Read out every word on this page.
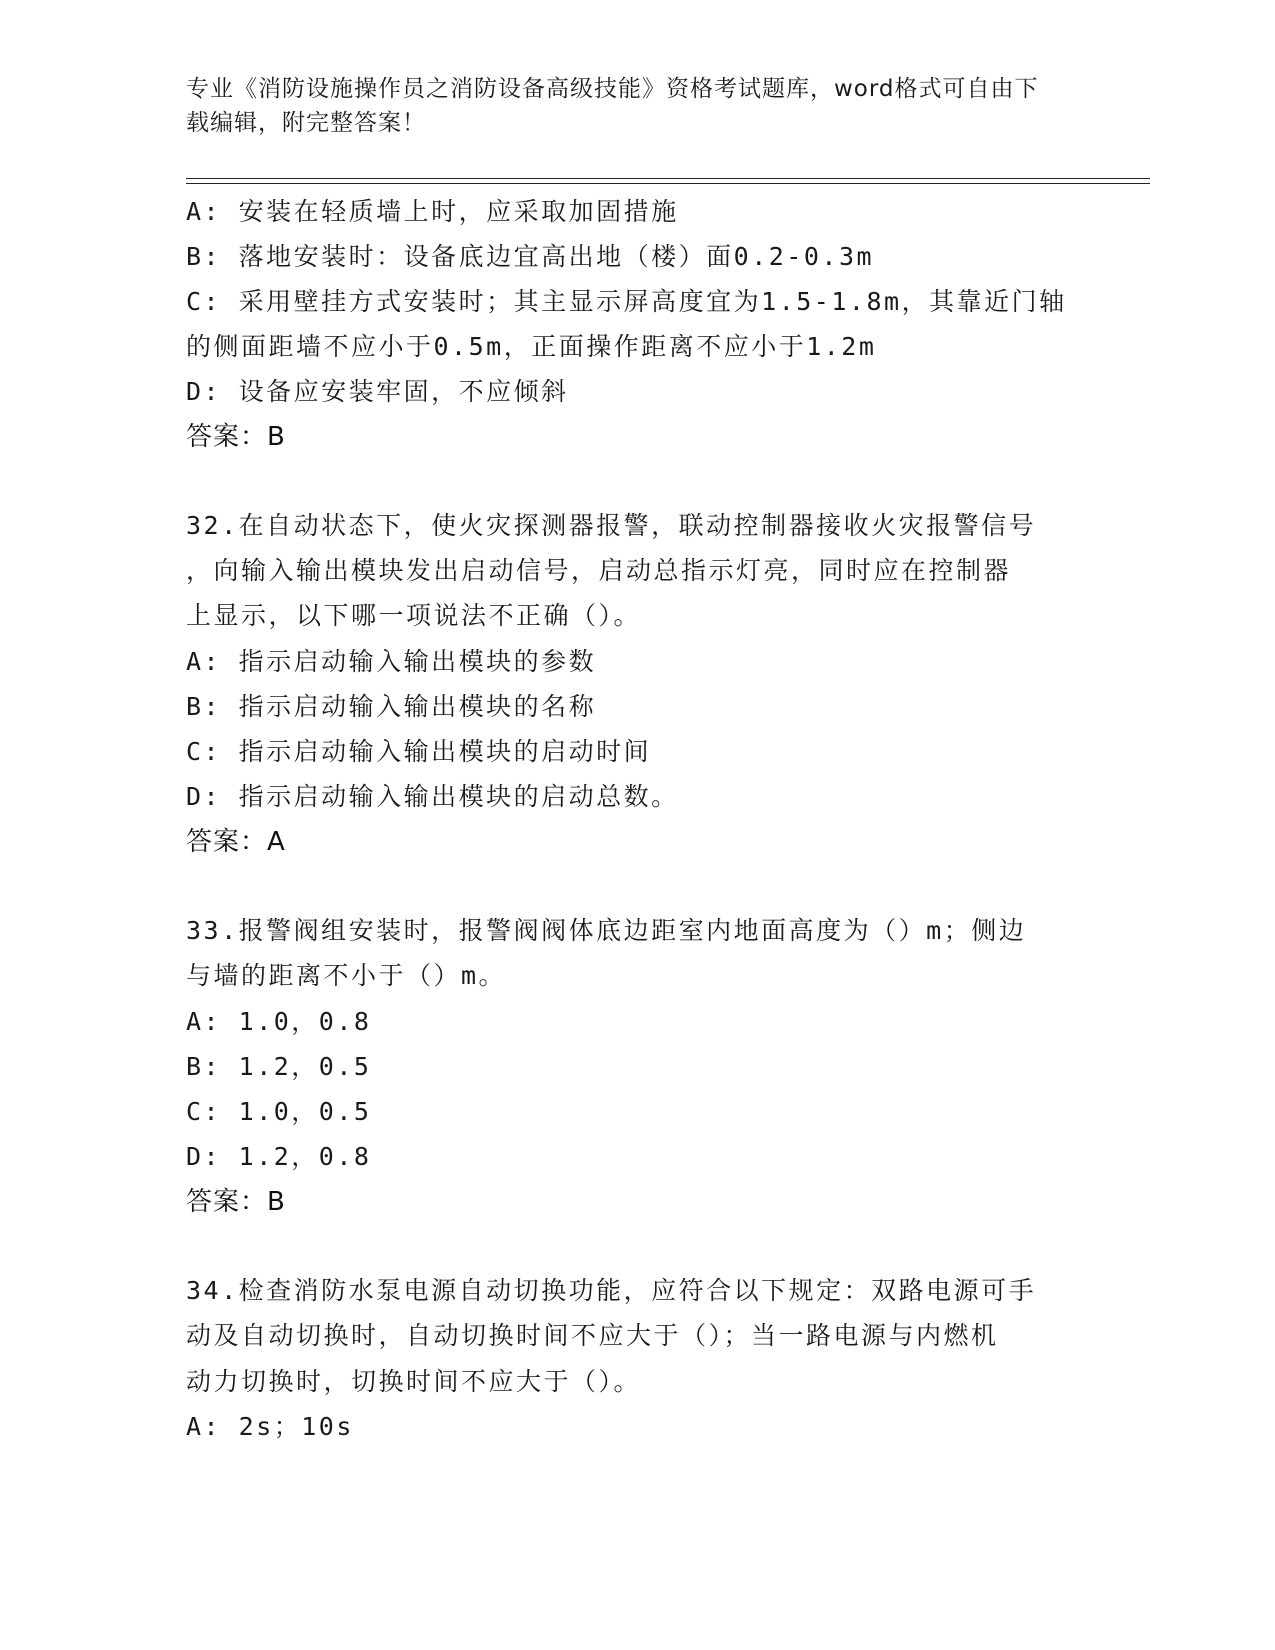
专业《消防设施操作员之消防设备高级技能》资格考试题库，word格式可自由下
载编辑，附完整答案！
A: 安装在轻质墙上时，应采取加固措施
B: 落地安装时：设备底边宜高出地（楼）面0.2-0.3m
C: 采用壁挂方式安装时；其主显示屏高度宜为1.5-1.8m，其靠近门轴
的侧面距墙不应小于0.5m，正面操作距离不应小于1.2m
D: 设备应安装牢固，不应倾斜
答案：B
32.在自动状态下，使火灾探测器报警，联动控制器接收火灾报警信号
，向输入输出模块发出启动信号，启动总指示灯亮，同时应在控制器
上显示，以下哪一项说法不正确（）。
A: 指示启动输入输出模块的参数
B: 指示启动输入输出模块的名称
C: 指示启动输入输出模块的启动时间
D: 指示启动输入输出模块的启动总数。
答案：A
33.报警阀组安装时，报警阀阀体底边距室内地面高度为（）m；侧边
与墙的距离不小于（）m。
A: 1.0，0.8
B: 1.2，0.5
C: 1.0，0.5
D: 1.2，0.8
答案：B
34.检查消防水泵电源自动切换功能，应符合以下规定：双路电源可手
动及自动切换时，自动切换时间不应大于（）；当一路电源与内燃机
动力切换时，切换时间不应大于（）。
A: 2s；10s
